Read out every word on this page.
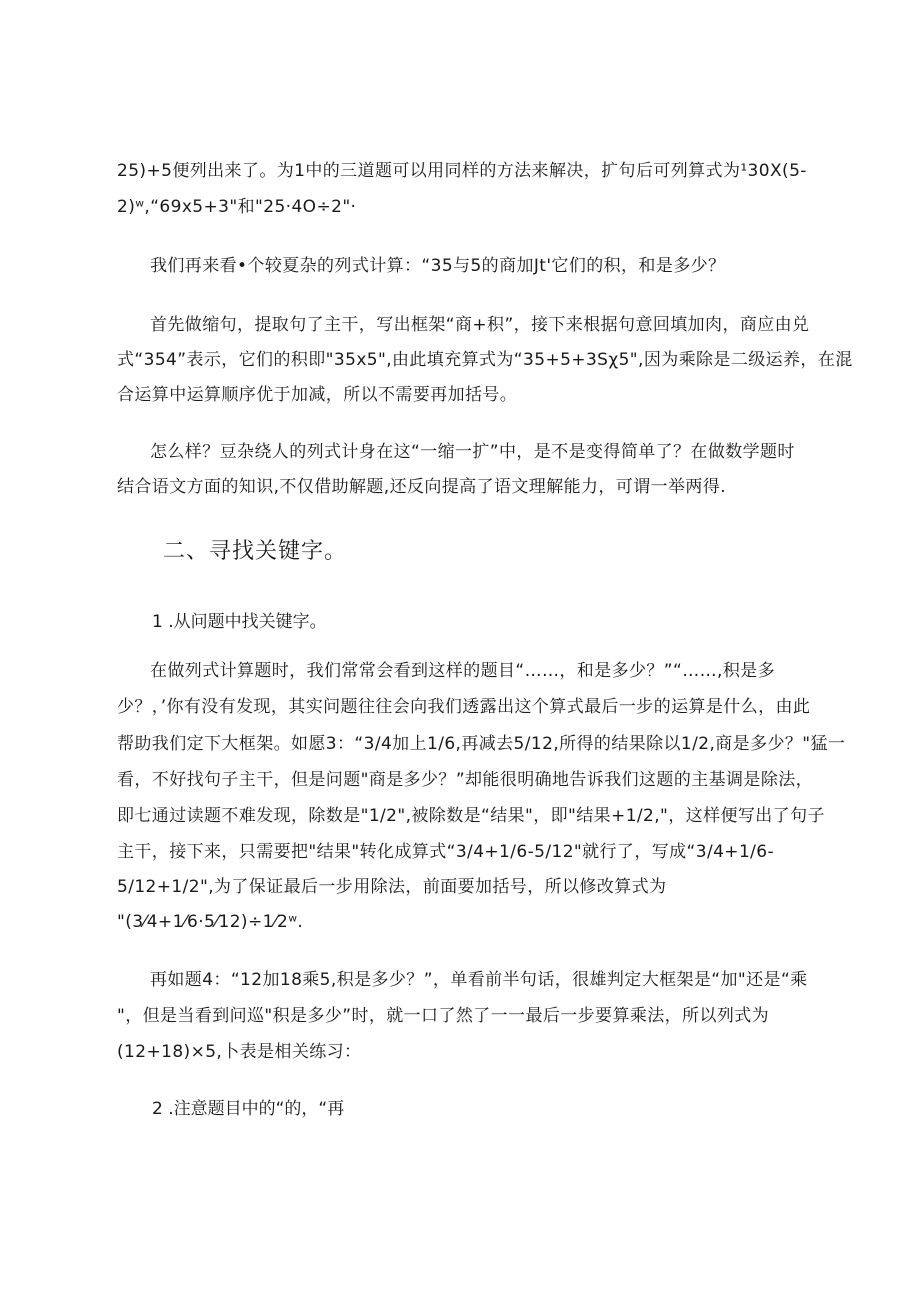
25)+5便列出来了。为1中的三道题可以用同样的方法来解决，扩句后可列算式为¹30X(5-
2)ʷ,“69x5+3"和"25·4O÷2"·
我们再来看•个较夏杂的列式计算：“35与5的商加Jt'它们的积，和是多少？
首先做缩句，提取句了主干，写出框架“商+积”，接下来根据句意回填加肉，商应由兑
式“354”表示，它们的积即"35x5",由此填充算式为“35+5+3Sχ5",因为乘除是二级运养，在混
合运算中运算顺序优于加减，所以不需要再加括号。
怎么样？豆杂绕人的列式计身在这“一缩一扩”中，是不是变得简单了？在做数学题时
结合语文方面的知识,不仅借助解题,还反向提高了语文理解能力，可谓一举两得.
二、寻找关键字。
1 .从问题中找关键字。
在做列式计算题时，我们常常会看到这样的题目“……，和是多少？”“……,积是多
少？，’你有没有发现，其实问题往往会向我们透露出这个算式最后一步的运算是什么，由此
帮助我们定下大框架。如愿3：“3/4加上1/6,再减去5/12,所得的结果除以1/2,商是多少？"猛一
看，不好找句子主干，但是问题"商是多少？”却能很明确地告诉我们这题的主基调是除法，
即七通过读题不难发现，除数是"1/2",被除数是“结果"，即"结果+1/2,"，这样便写出了句子
主干，接下来，只需要把"结果"转化成算式“3/4+1/6-5/12"就行了，写成“3/4+1/6-
5/12+1/2",为了保证最后一步用除法，前面要加括号，所以修改算式为
"(3⁄4+1⁄6·5⁄12)÷1⁄2ʷ.
再如题4：“12加18乘5,积是多少？”，单看前半句话，很雄判定大框架是“加"还是“乘
"，但是当看到问巡"积是多少”时，就一口了然了一一最后一步要算乘法，所以列式为
(12+18)×5,卜表是相关练习：
2 .注意题目中的“的，“再
